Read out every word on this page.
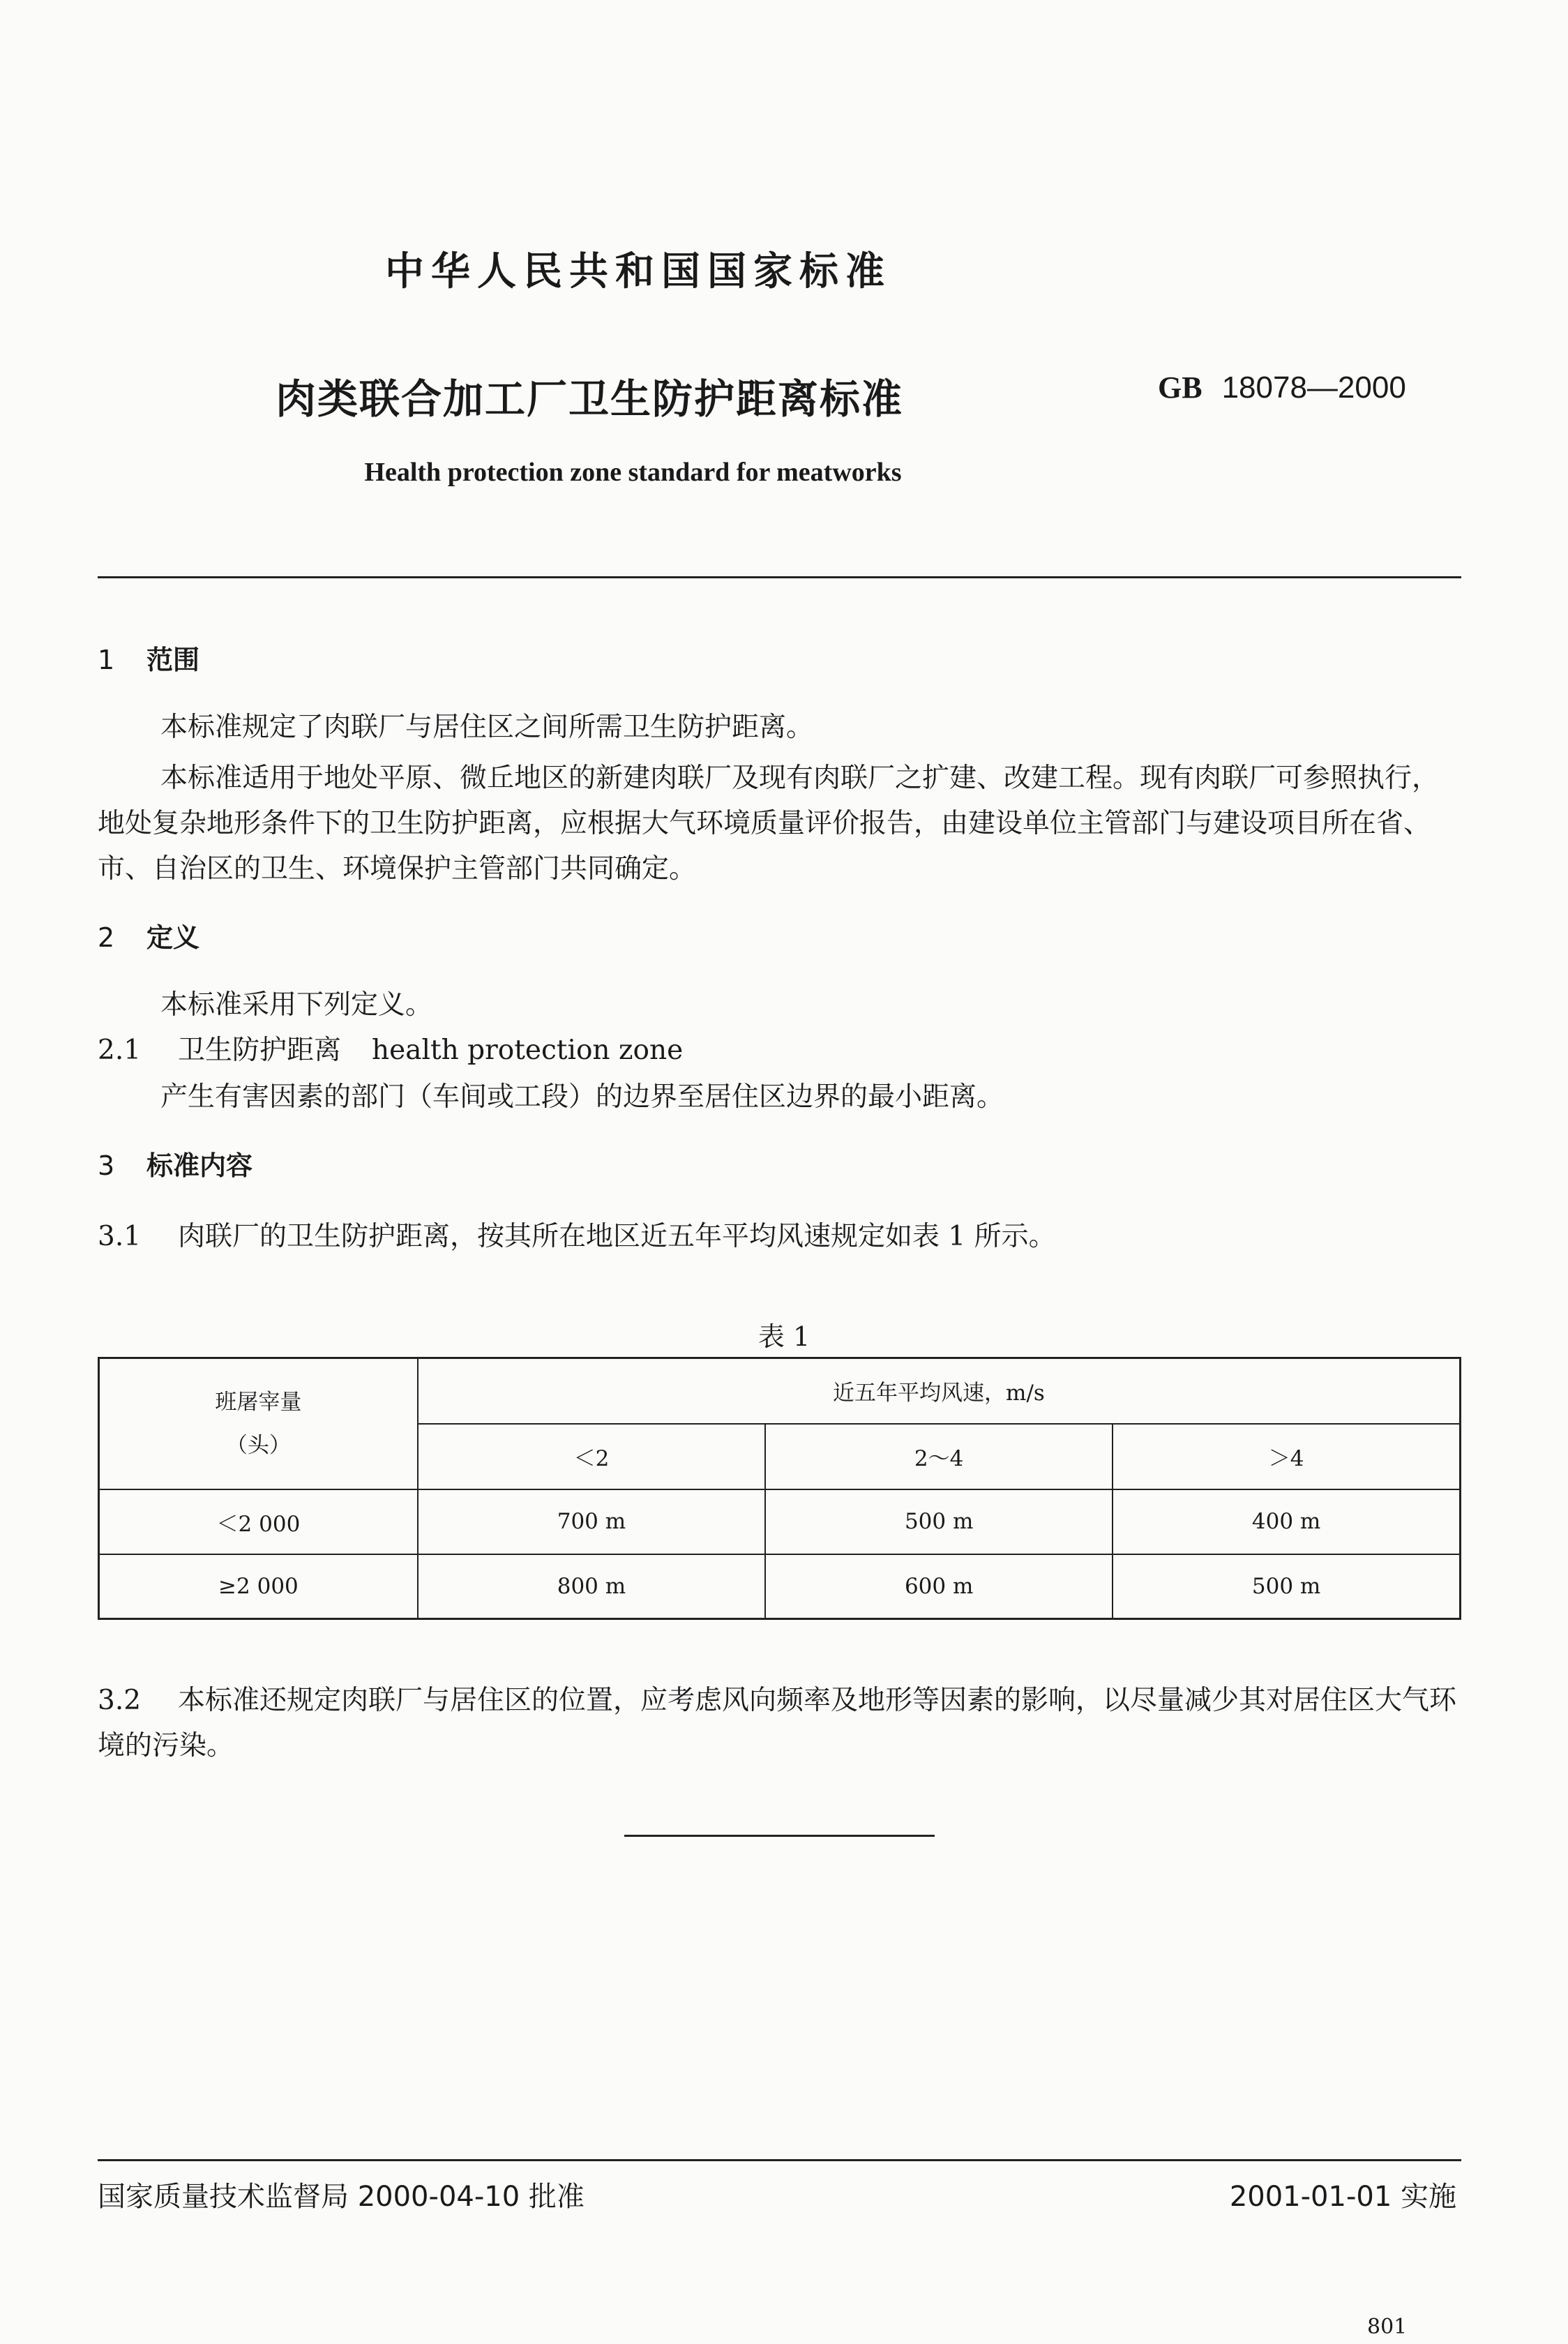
中华人民共和国国家标准
肉类联合加工厂卫生防护距离标准	GB 18078—2000
Health protection zone standard for meatworks
1 范围
本标准规定了肉联厂与居住区之间所需卫生防护距离。
本标准适用于地处平原、微丘地区的新建肉联厂及现有肉联厂之扩建、改建工程。现有肉联厂可参照执行，地处复杂地形条件下的卫生防护距离，应根据大气环境质量评价报告，由建设单位主管部门与建设项目所在省、市、自治区的卫生、环境保护主管部门共同确定。
2 定义
本标准采用下列定义。
2.1 卫生防护距离 health protection zone
产生有害因素的部门（车间或工段）的边界至居住区边界的最小距离。
3 标准内容
3.1 肉联厂的卫生防护距离，按其所在地区近五年平均风速规定如表 1 所示。
表 1
班屠宰量
（头）	近五年平均风速，m/s		
	＜2	2～4	＞4
＜2 000	700 m	500 m	400 m
≥2 000	800 m	600 m	500 m
3.2 本标准还规定肉联厂与居住区的位置，应考虑风向频率及地形等因素的影响，以尽量减少其对居住区大气环境的污染。
国家质量技术监督局 2000-04-10 批准	2001-01-01 实施
801
